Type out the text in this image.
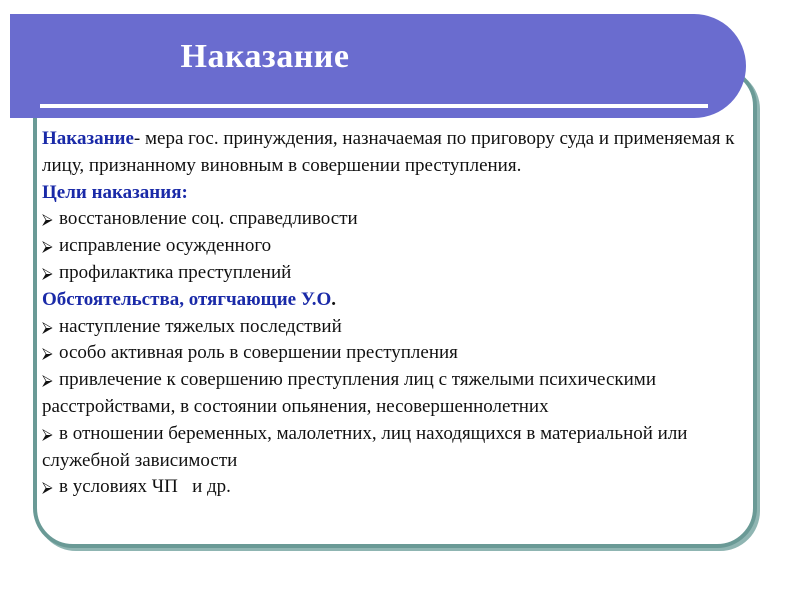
Наказание

Наказание- мера гос. принуждения, назначаемая по приговору суда и применяемая к лицу, признанному виновным в совершении преступления.

Цели наказания:

⮚ восстановление соц. справедливости

⮚ исправление осужденного

⮚ профилактика преступлений

Обстоятельства, отягчающие У.О.

⮚ наступление тяжелых последствий

⮚ особо активная роль в совершении преступления

⮚ привлечение к совершению преступления лиц с тяжелыми психическими расстройствами, в состоянии опьянения, несовершеннолетних

⮚ в отношении беременных, малолетних, лиц находящихся в материальной или служебной зависимости

⮚ в условиях ЧП   и др.
